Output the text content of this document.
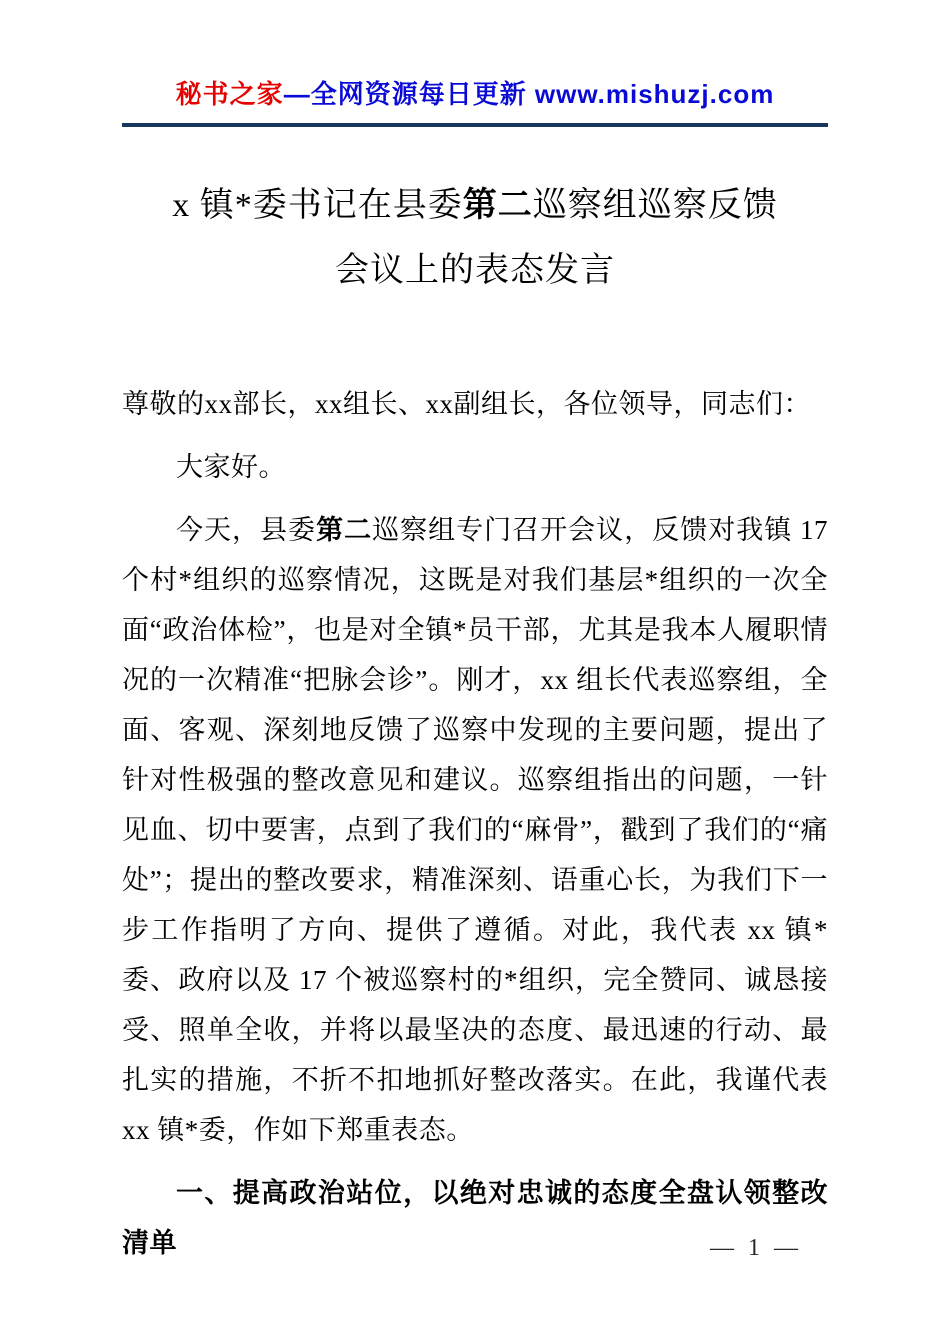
秘书之家—全网资源每日更新 www.mishuzj.com
x 镇*委书记在县委第二巡察组巡察反馈
会议上的表态发言

尊敬的xx部长，xx组长、xx副组长，各位领导，同志们：

大家好。

今天，县委第二巡察组专门召开会议，反馈对我镇 17 个村*组织的巡察情况，这既是对我们基层*组织的一次全面“政治体检”，也是对全镇*员干部，尤其是我本人履职情况的一次精准“把脉会诊”。刚才，xx 组长代表巡察组，全面、客观、深刻地反馈了巡察中发现的主要问题，提出了针对性极强的整改意见和建议。巡察组指出的问题，一针见血、切中要害，点到了我们的“麻骨”，戳到了我们的“痛处”；提出的整改要求，精准深刻、语重心长，为我们下一步工作指明了方向、提供了遵循。对此，我代表 xx 镇*委、政府以及 17 个被巡察村的*组织，完全赞同、诚恳接受、照单全收，并将以最坚决的态度、最迅速的行动、最扎实的措施，不折不扣地抓好整改落实。在此，我谨代表 xx 镇*委，作如下郑重表态。

一、提高政治站位，以绝对忠诚的态度全盘认领整改清单	— 1 —
